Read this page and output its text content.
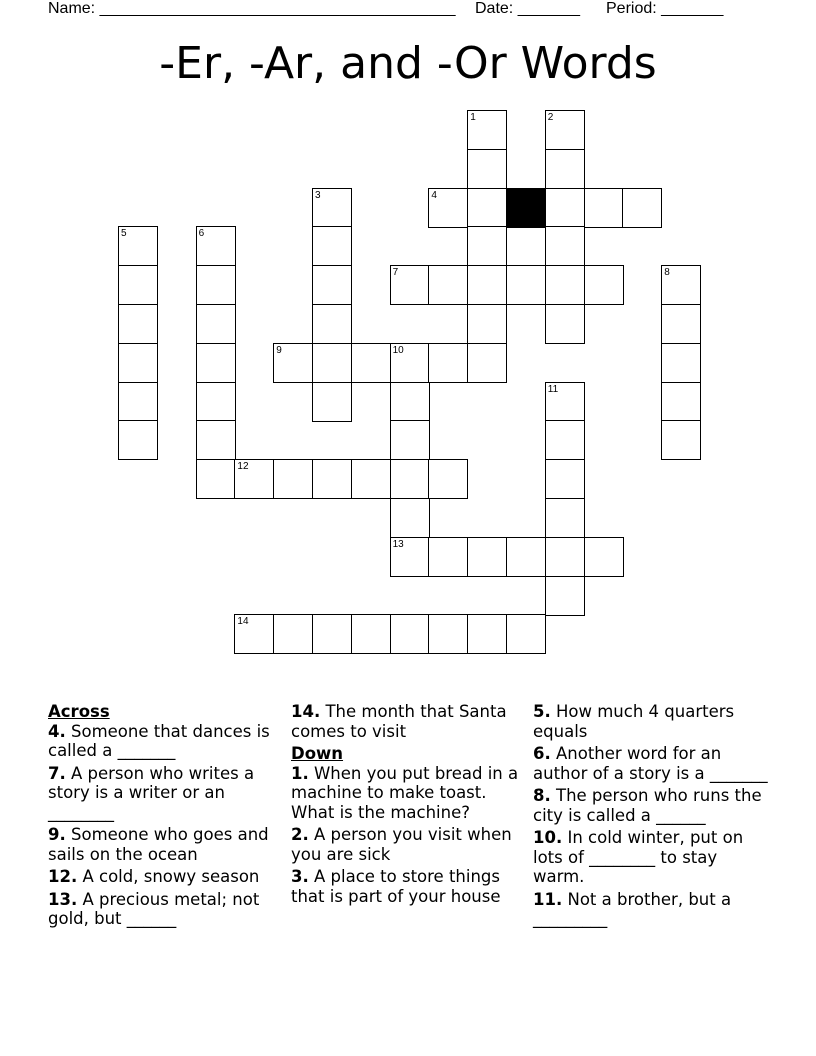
Name: ________________________________________ Date: _______ Period: _______
-Er, -Ar, and -Or Words
1	2
3	4
5	6
7	8
9	10
13
11
12
14
Across
4. Someone that dances is called a _______
7. A person who writes a story is a writer or an ________
9. Someone who goes and sails on the ocean
12. A cold, snowy season
13. A precious metal; not gold, but ______
14. The month that Santa comes to visit
Down
1. When you put bread in a machine to make toast. What is the machine?
2. A person you visit when you are sick
3. A place to store things that is part of your house
5. How much 4 quarters equals
6. Another word for an author of a story is a _______
8. The person who runs the city is called a ______
10. In cold winter, put on lots of ________ to stay warm.
11. Not a brother, but a _________
